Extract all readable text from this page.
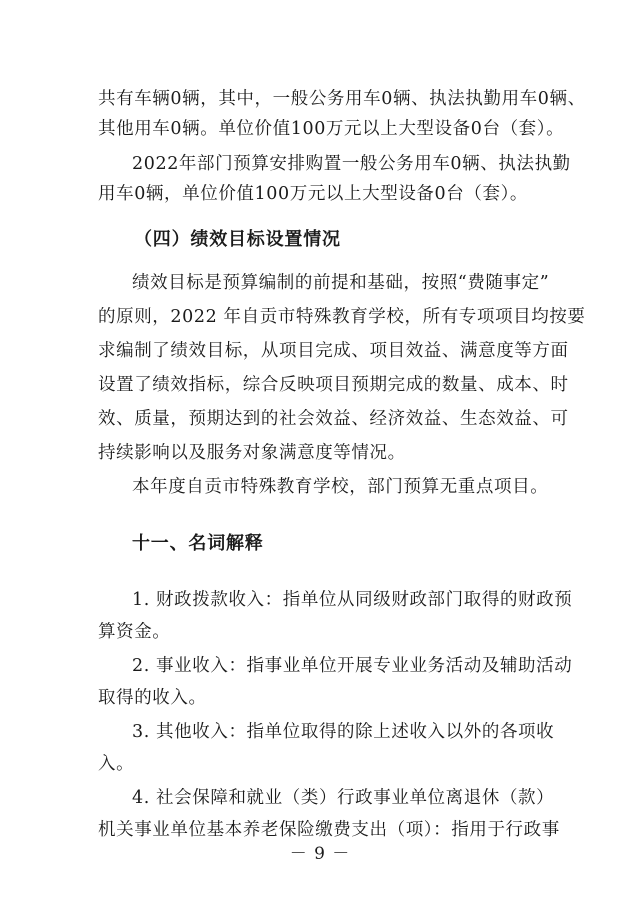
共有车辆0辆，其中，一般公务用车0辆、执法执勤用车0辆、
其他用车0辆。单位价值100万元以上大型设备0台（套）。
2022年部门预算安排购置一般公务用车0辆、执法执勤
用车0辆，单位价值100万元以上大型设备0台（套）。
（四）绩效目标设置情况
绩效目标是预算编制的前提和基础，按照“费随事定”
的原则，2022 年自贡市特殊教育学校，所有专项项目均按要
求编制了绩效目标，从项目完成、项目效益、满意度等方面
设置了绩效指标，综合反映项目预期完成的数量、成本、时
效、质量，预期达到的社会效益、经济效益、生态效益、可
持续影响以及服务对象满意度等情况。
本年度自贡市特殊教育学校，部门预算无重点项目。
十一、名词解释
1. 财政拨款收入：指单位从同级财政部门取得的财政预
算资金。
2. 事业收入：指事业单位开展专业业务活动及辅助活动
取得的收入。
3. 其他收入：指单位取得的除上述收入以外的各项收
入。
4. 社会保障和就业（类）行政事业单位离退休（款）
机关事业单位基本养老保险缴费支出（项）：指用于行政事
－ 9 －
